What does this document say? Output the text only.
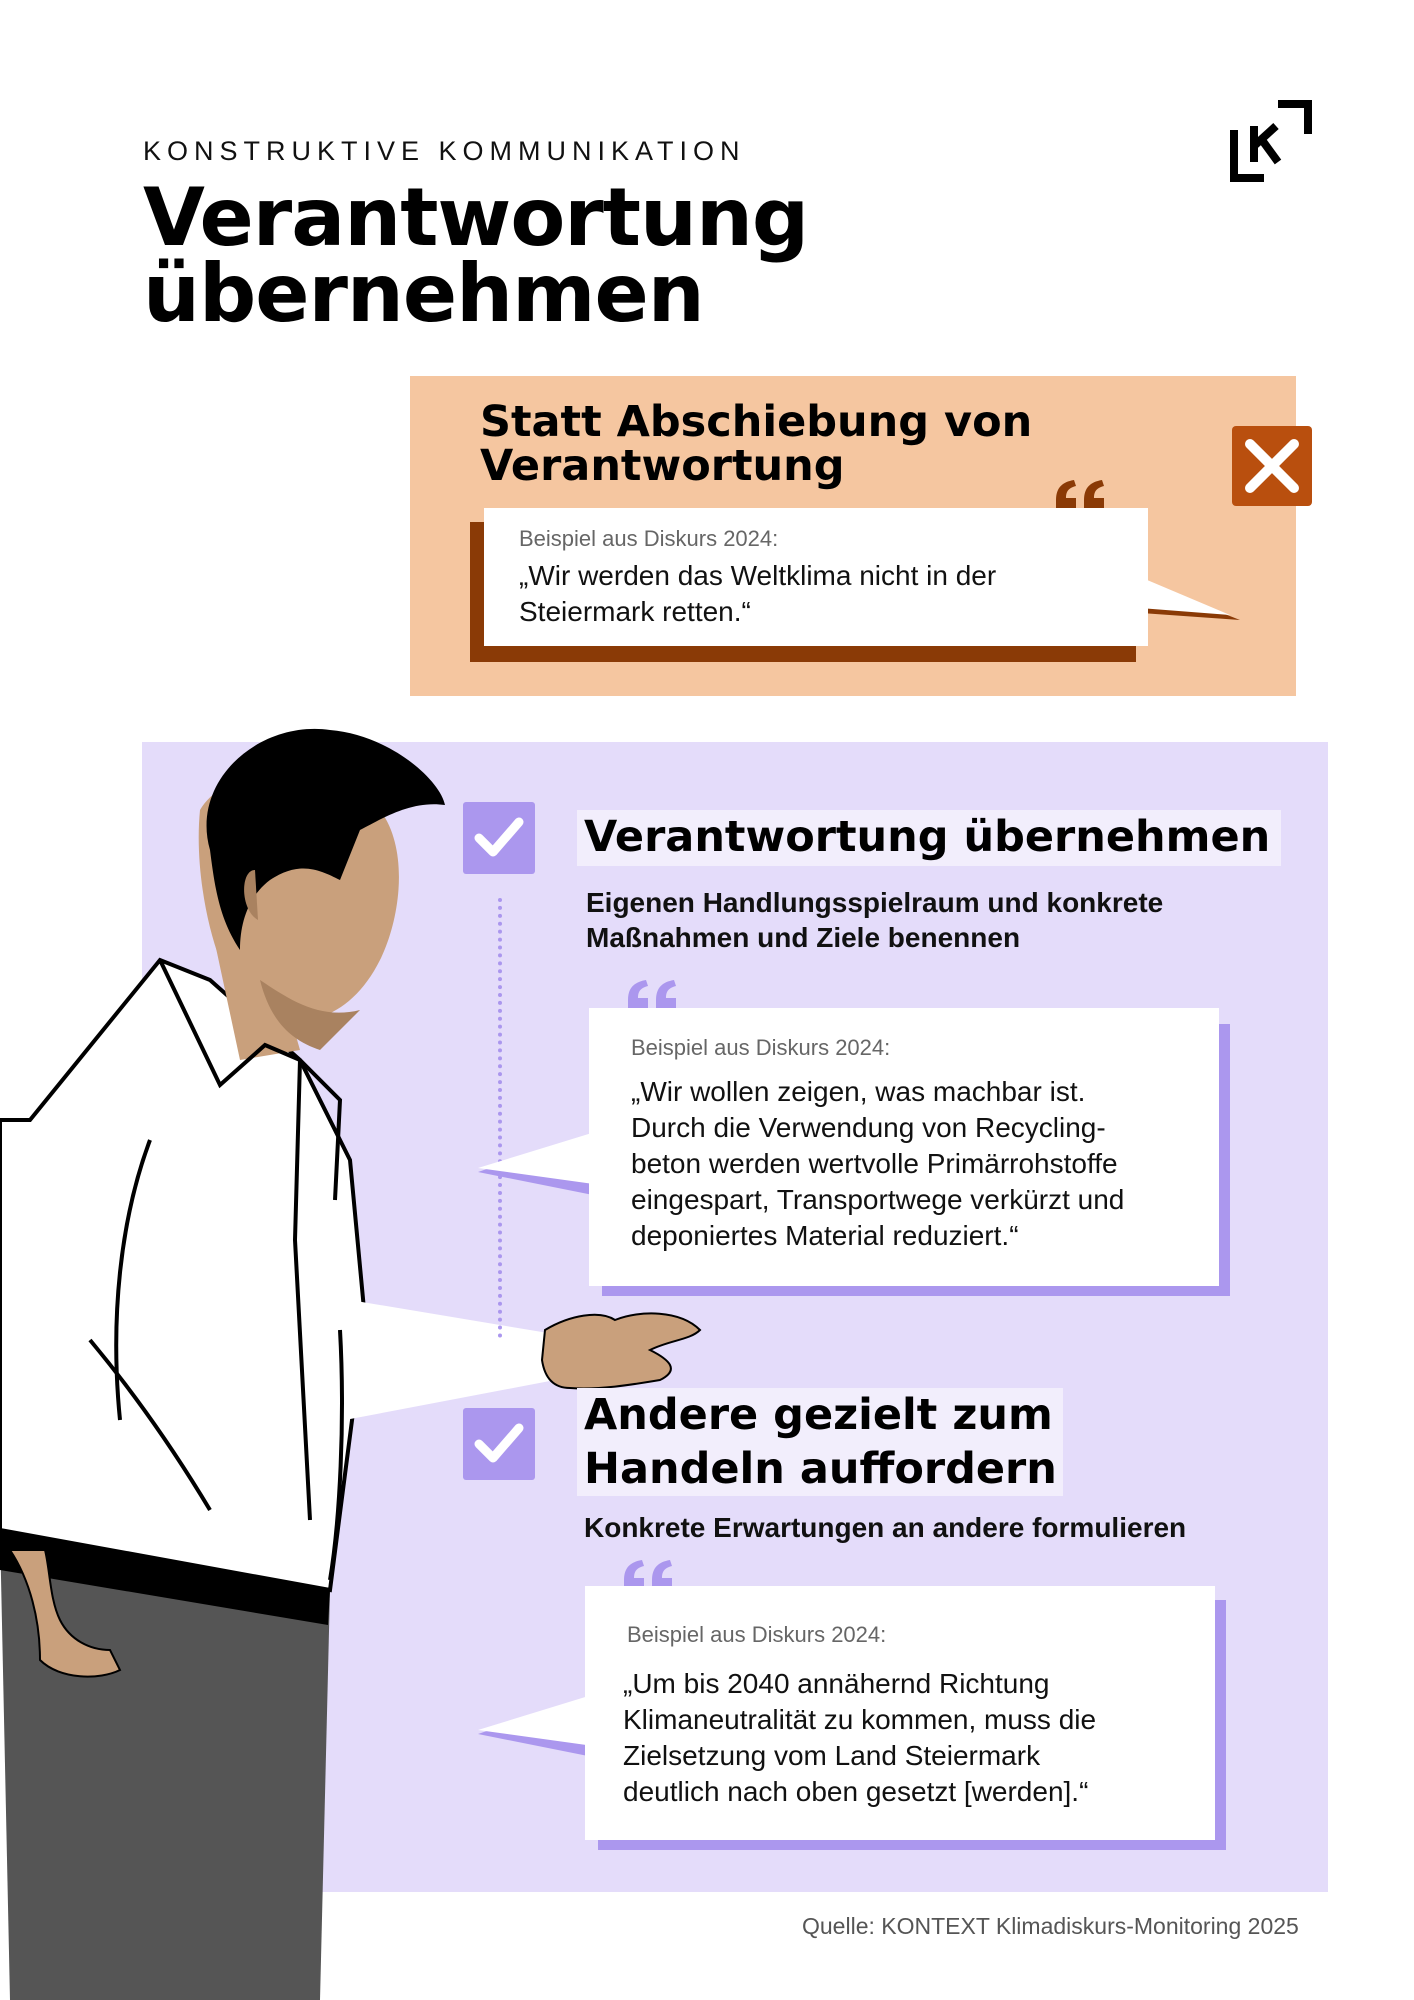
KONSTRUKTIVE KOMMUNIKATION
Verantwortung
übernehmen
Statt Abschiebung von
Verantwortung
Beispiel aus Diskurs 2024:
„Wir werden das Weltklima nicht in der
Steiermark retten.“
Verantwortung übernehmen
Eigenen Handlungsspielraum und konkrete
Maßnahmen und Ziele benennen
Beispiel aus Diskurs 2024:
„Wir wollen zeigen, was machbar ist.
Durch die Verwendung von Recycling-
beton werden wertvolle Primärrohstoffe
eingespart, Transportwege verkürzt und
deponiertes Material reduziert.“
Andere gezielt zum
Handeln auffordern
Konkrete Erwartungen an andere formulieren
Beispiel aus Diskurs 2024:
„Um bis 2040 annähernd Richtung
Klimaneutralität zu kommen, muss die
Zielsetzung vom Land Steiermark
deutlich nach oben gesetzt [werden].“
Quelle: KONTEXT Klimadiskurs-Monitoring 2025
